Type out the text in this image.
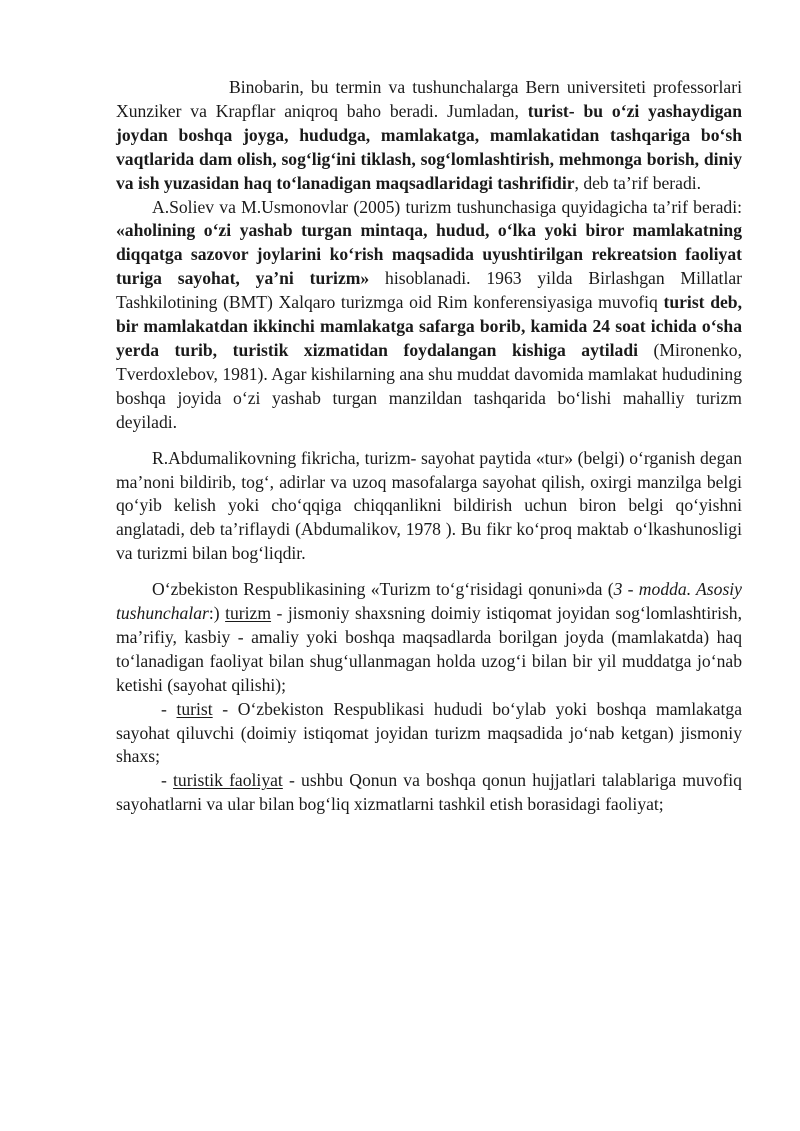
Binobarin, bu termin va tushunchalarga Bern universiteti professorlari Xunziker va Krapflar aniqroq baho beradi. Jumladan, turist- bu o‘zi yashaydigan joydan boshqa joyga, hududga, mamlakatga, mamlakatidan tashqariga bo‘sh vaqtlarida dam olish, sog‘lig‘ini tiklash, sog‘lomlashtirish, mehmonga borish, diniy va ish yuzasidan haq to‘lanadigan maqsadlaridagi tashrifidir, deb ta’rif beradi.

A.Soliev va M.Usmonovlar (2005) turizm tushunchasiga quyidagicha ta’rif beradi: «aholining o‘zi yashab turgan mintaqa, hudud, o‘lka yoki biror mamlakatning diqqatga sazovor joylarini ko‘rish maqsadida uyushtirilgan rekreatsion faoliyat turiga sayohat, ya’ni turizm» hisoblanadi. 1963 yilda Birlashgan Millatlar Tashkilotining (BMT) Xalqaro turizmga oid Rim konferensiyasiga muvofiq turist deb, bir mamlakatdan ikkinchi mamlakatga safarga borib, kamida 24 soat ichida o‘sha yerda turib, turistik xizmatidan foydalangan kishiga aytiladi (Mironenko, Tverdoxlebov, 1981). Agar kishilarning ana shu muddat davomida mamlakat hududining boshqa joyida o‘zi yashab turgan manzildan tashqarida bo‘lishi mahalliy turizm deyiladi.

R.Abdumalikovning fikricha, turizm- sayohat paytida «tur» (belgi) o‘rganish degan ma’noni bildirib, tog‘, adirlar va uzoq masofalarga sayohat qilish, oxirgi manzilga belgi qo‘yib kelish yoki cho‘qqiga chiqqanlikni bildirish uchun biron belgi qo‘yishni anglatadi, deb ta’riflaydi (Abdumalikov, 1978 ). Bu fikr ko‘proq maktab o‘lkashunosligi va turizmi bilan bog‘liqdir.

O‘zbekiston Respublikasining «Turizm to‘g‘risidagi qonuni»da (3 - modda. Asosiy tushunchalar:) turizm - jismoniy shaxsning doimiy istiqomat joyidan sog‘lomlashtirish, ma’rifiy, kasbiy - amaliy yoki boshqa maqsadlarda borilgan joyda (mamlakatda) haq to‘lanadigan faoliyat bilan shug‘ullanmagan holda uzog‘i bilan bir yil muddatga jo‘nab ketishi (sayohat qilishi);

- turist - O‘zbekiston Respublikasi hududi bo‘ylab yoki boshqa mamlakatga sayohat qiluvchi (doimiy istiqomat joyidan turizm maqsadida jo‘nab ketgan) jismoniy shaxs;

- turistik faoliyat - ushbu Qonun va boshqa qonun hujjatlari talablariga muvofiq sayohatlarni va ular bilan bog‘liq xizmatlarni tashkil etish borasidagi faoliyat;
